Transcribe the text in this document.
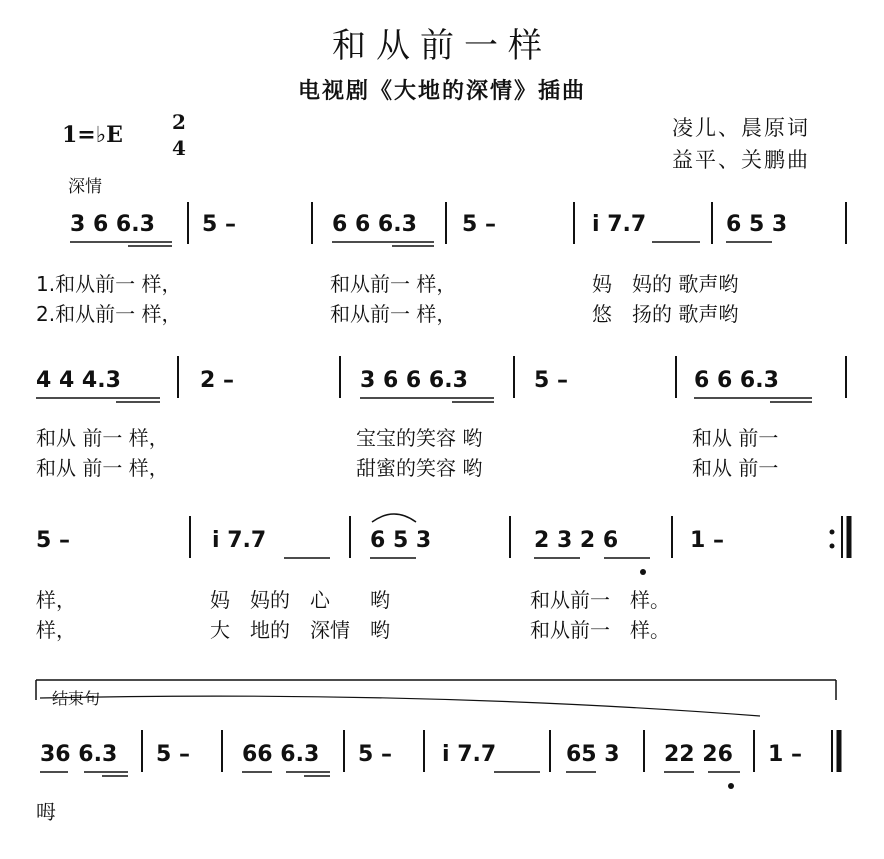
和从前一样
电视剧《大地的深情》插曲
凌儿、晨原词
益平、关鹏曲
1=♭E 2
4
深情
3 6 6.3 5 –	6 6 6.3 5 –	i 7.7	6 5 3
1.和从前一 样，	和从前一 样，	妈　妈的 歌声哟
2.和从前一 样，	和从前一 样，	悠　扬的 歌声哟
4 4 4.3	2 –	3 6 6 6.3	5 –	6 6 6.3
和从 前一 样，	宝宝的笑容 哟	和从 前一
和从 前一 样，	甜蜜的笑容 哟	和从 前一
5 –	i 7.7	6 5 3	2 3 2 6	1 –
样，	妈　妈的　心　　哟	和从前一　样。
样，	大　地的　深情　哟	和从前一　样。
结束句
36 6.3 5 – 66 6.3 5 – i 7.7	65 3 22 26 1 –
呣
